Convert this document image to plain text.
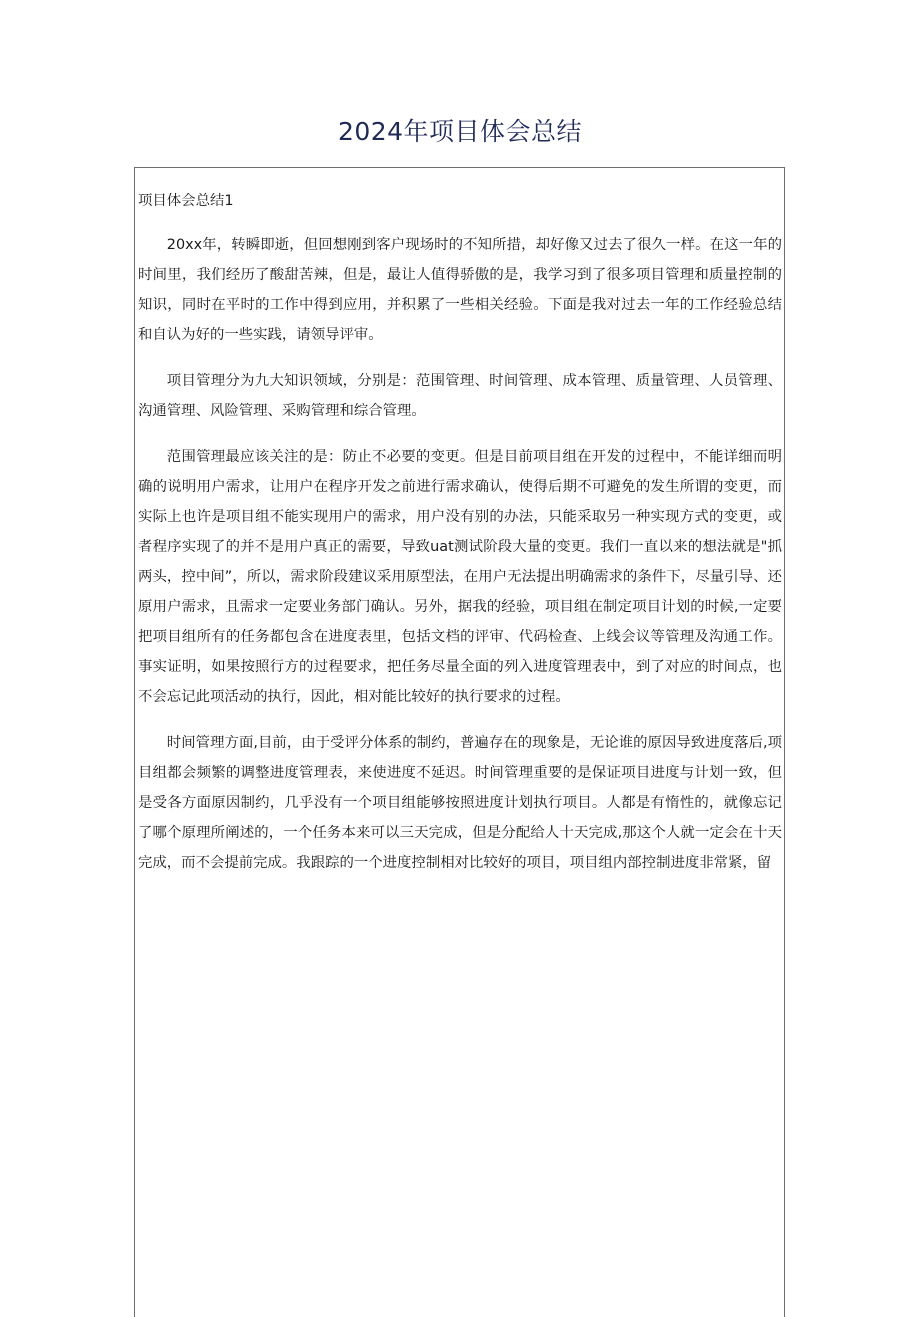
2024年项目体会总结
项目体会总结1

20xx年，转瞬即逝，但回想刚到客户现场时的不知所措，却好像又过去了很久一样。在这一年的时间里，我们经历了酸甜苦辣，但是，最让人值得骄傲的是，我学习到了很多项目管理和质量控制的知识，同时在平时的工作中得到应用，并积累了一些相关经验。下面是我对过去一年的工作经验总结和自认为好的一些实践，请领导评审。

项目管理分为九大知识领域，分别是：范围管理、时间管理、成本管理、质量管理、人员管理、沟通管理、风险管理、采购管理和综合管理。

范围管理最应该关注的是：防止不必要的变更。但是目前项目组在开发的过程中，不能详细而明确的说明用户需求，让用户在程序开发之前进行需求确认，使得后期不可避免的发生所谓的变更，而实际上也许是项目组不能实现用户的需求，用户没有别的办法，只能采取另一种实现方式的变更，或者程序实现了的并不是用户真正的需要，导致uat测试阶段大量的变更。我们一直以来的想法就是"抓两头，控中间”，所以，需求阶段建议采用原型法，在用户无法提出明确需求的条件下，尽量引导、还原用户需求，且需求一定要业务部门确认。另外，据我的经验，项目组在制定项目计划的时候,一定要把项目组所有的任务都包含在进度表里，包括文档的评审、代码检查、上线会议等管理及沟通工作。事实证明，如果按照行方的过程要求，把任务尽量全面的列入进度管理表中，到了对应的时间点，也不会忘记此项活动的执行，因此，相对能比较好的执行要求的过程。

时间管理方面,目前，由于受评分体系的制约，普遍存在的现象是，无论谁的原因导致进度落后,项目组都会频繁的调整进度管理表，来使进度不延迟。时间管理重要的是保证项目进度与计划一致，但是受各方面原因制约，几乎没有一个项目组能够按照进度计划执行项目。人都是有惰性的，就像忘记了哪个原理所阐述的，一个任务本来可以三天完成，但是分配给人十天完成,那这个人就一定会在十天完成，而不会提前完成。我跟踪的一个进度控制相对比较好的项目，项目组内部控制进度非常紧，留
